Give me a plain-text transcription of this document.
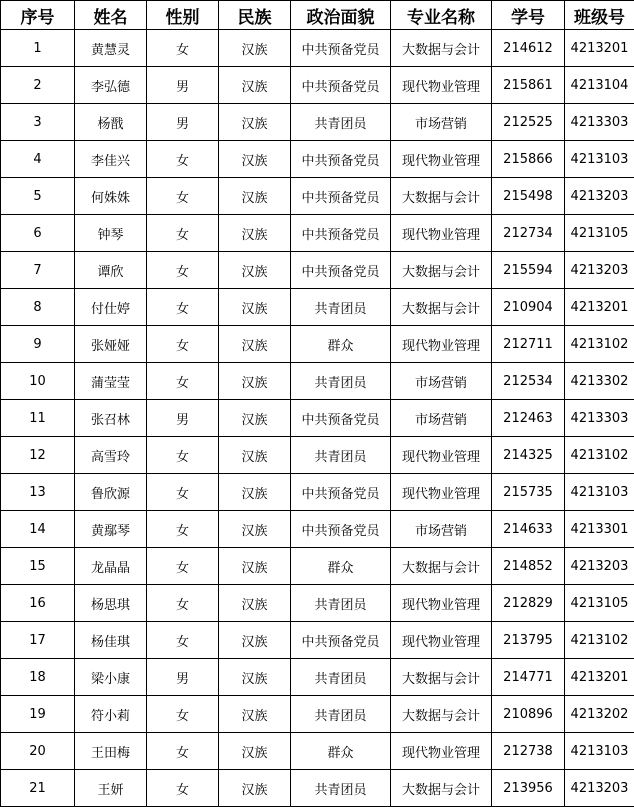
序号	姓名	性别	民族	政治面貌	专业名称	学号	班级号
1	黄慧灵	女	汉族	中共预备党员	大数据与会计	214612	4213201
2	李弘德	男	汉族	中共预备党员	现代物业管理	215861	4213104
3	杨戬	男	汉族	共青团员	市场营销	212525	4213303
4	李佳兴	女	汉族	中共预备党员	现代物业管理	215866	4213103
5	何姝姝	女	汉族	中共预备党员	大数据与会计	215498	4213203
6	钟琴	女	汉族	中共预备党员	现代物业管理	212734	4213105
7	谭欣	女	汉族	中共预备党员	大数据与会计	215594	4213203
8	付仕婷	女	汉族	共青团员	大数据与会计	210904	4213201
9	张娅娅	女	汉族	群众	现代物业管理	212711	4213102
10	蒲莹莹	女	汉族	共青团员	市场营销	212534	4213302
11	张召林	男	汉族	中共预备党员	市场营销	212463	4213303
12	高雪玲	女	汉族	共青团员	现代物业管理	214325	4213102
13	鲁欣源	女	汉族	中共预备党员	现代物业管理	215735	4213103
14	黄鄢琴	女	汉族	中共预备党员	市场营销	214633	4213301
15	龙晶晶	女	汉族	群众	大数据与会计	214852	4213203
16	杨思琪	女	汉族	共青团员	现代物业管理	212829	4213105
17	杨佳琪	女	汉族	中共预备党员	现代物业管理	213795	4213102
18	梁小康	男	汉族	共青团员	大数据与会计	214771	4213201
19	符小莉	女	汉族	共青团员	大数据与会计	210896	4213202
20	王田梅	女	汉族	群众	现代物业管理	212738	4213103
21	王妍	女	汉族	共青团员	大数据与会计	213956	4213203
